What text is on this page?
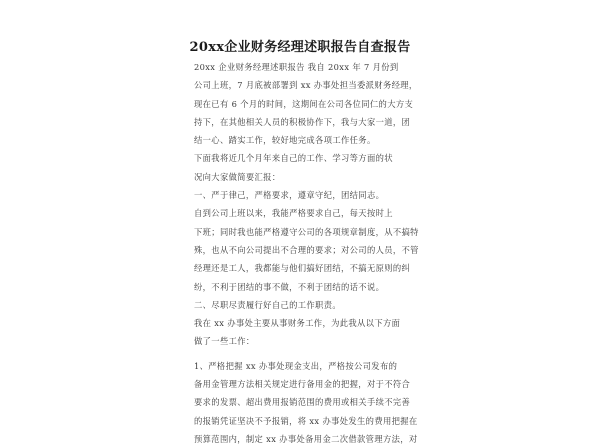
20xx企业财务经理述职报告自查报告
20xx 企业财务经理述职报告 我自 20xx 年 7 月份到
公司上班，7 月底被部署到 xx 办事处担当委派财务经理，
现在已有 6 个月的时间，这期间在公司各位同仁的大方支
持下，在其他相关人员的积极协作下，我与大家一道，团
结一心、踏实工作，较好地完成各项工作任务。
下面我将近几个月年来自己的工作、学习等方面的状
况向大家做简要汇报：
一、严于律己，严格要求，遵章守纪，团结同志。
自到公司上班以来，我能严格要求自己，每天按时上
下班；同时我也能严格遵守公司的各项规章制度，从不搞特
殊，也从不向公司提出不合理的要求；对公司的人员，不管
经理还是工人，我都能与他们搞好团结，不搞无原则的纠
纷，不利于团结的事不做，不利于团结的话不说。
二、尽职尽责履行好自己的工作职责。
我在 xx 办事处主要从事财务工作，为此我从以下方面
做了一些工作：
1、严格把握 xx 办事处现金支出，严格按公司发布的
备用金管理方法相关规定进行备用金的把握，对于不符合
要求的发票、超出费用报销范围的费用或相关手续不完善
的报销凭证坚决不予报销，将 xx 办事处发生的费用把握在
预算范围内，制定 xx 办事处备用金二次借款管理方法，对
